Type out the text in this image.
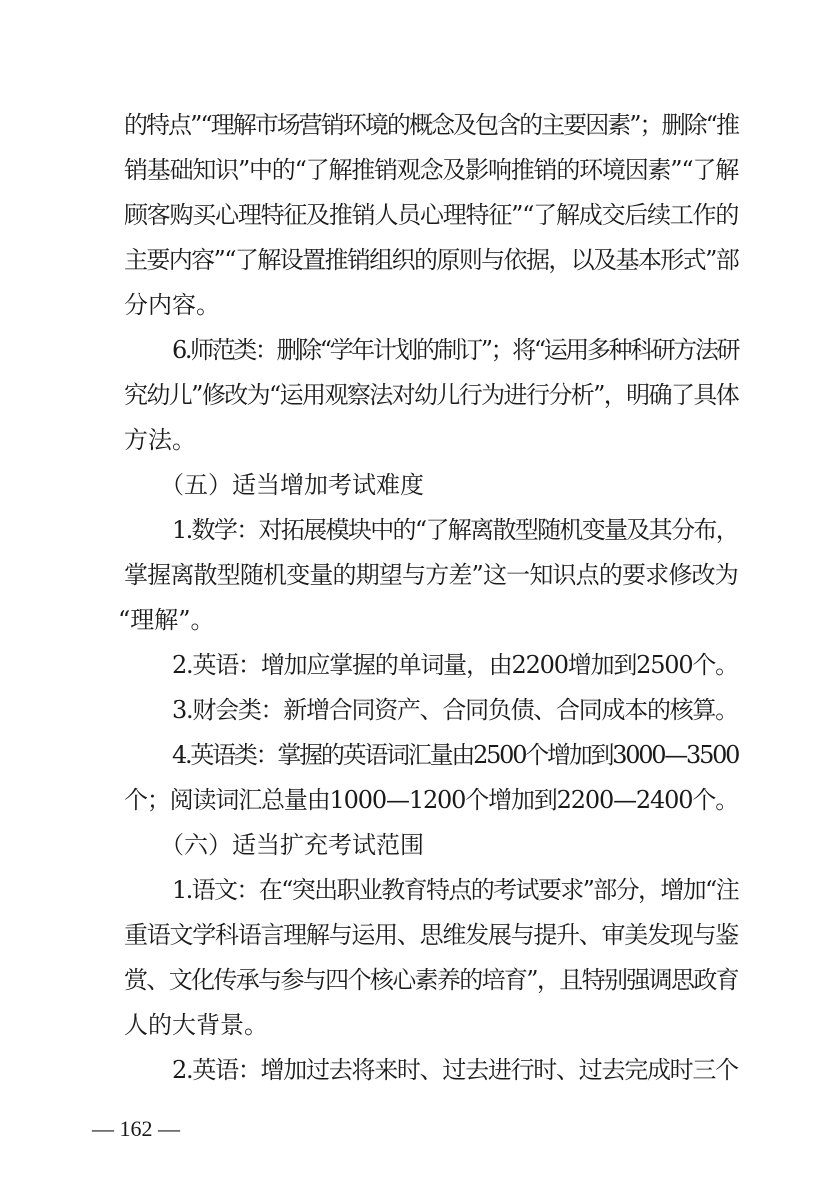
的特点”“理解市场营销环境的概念及包含的主要因素”；删除“推
销基础知识”中的“了解推销观念及影响推销的环境因素”“了解
顾客购买心理特征及推销人员心理特征”“了解成交后续工作的
主要内容”“了解设置推销组织的原则与依据，以及基本形式”部
分内容。
6.师范类：删除“学年计划的制订”；将“运用多种科研方法研
究幼儿”修改为“运用观察法对幼儿行为进行分析”，明确了具体
方法。
（五）适当增加考试难度
1.数学：对拓展模块中的“了解离散型随机变量及其分布，
掌握离散型随机变量的期望与方差”这一知识点的要求修改为
“理解”。
2.英语：增加应掌握的单词量，由2200增加到2500个。
3.财会类：新增合同资产、合同负债、合同成本的核算。
4.英语类：掌握的英语词汇量由2500个增加到3000—3500
个；阅读词汇总量由1000—1200个增加到2200—2400个。
（六）适当扩充考试范围
1.语文：在“突出职业教育特点的考试要求”部分，增加“注
重语文学科语言理解与运用、思维发展与提升、审美发现与鉴
赏、文化传承与参与四个核心素养的培育”，且特别强调思政育
人的大背景。
2.英语：增加过去将来时、过去进行时、过去完成时三个
— 162 —
